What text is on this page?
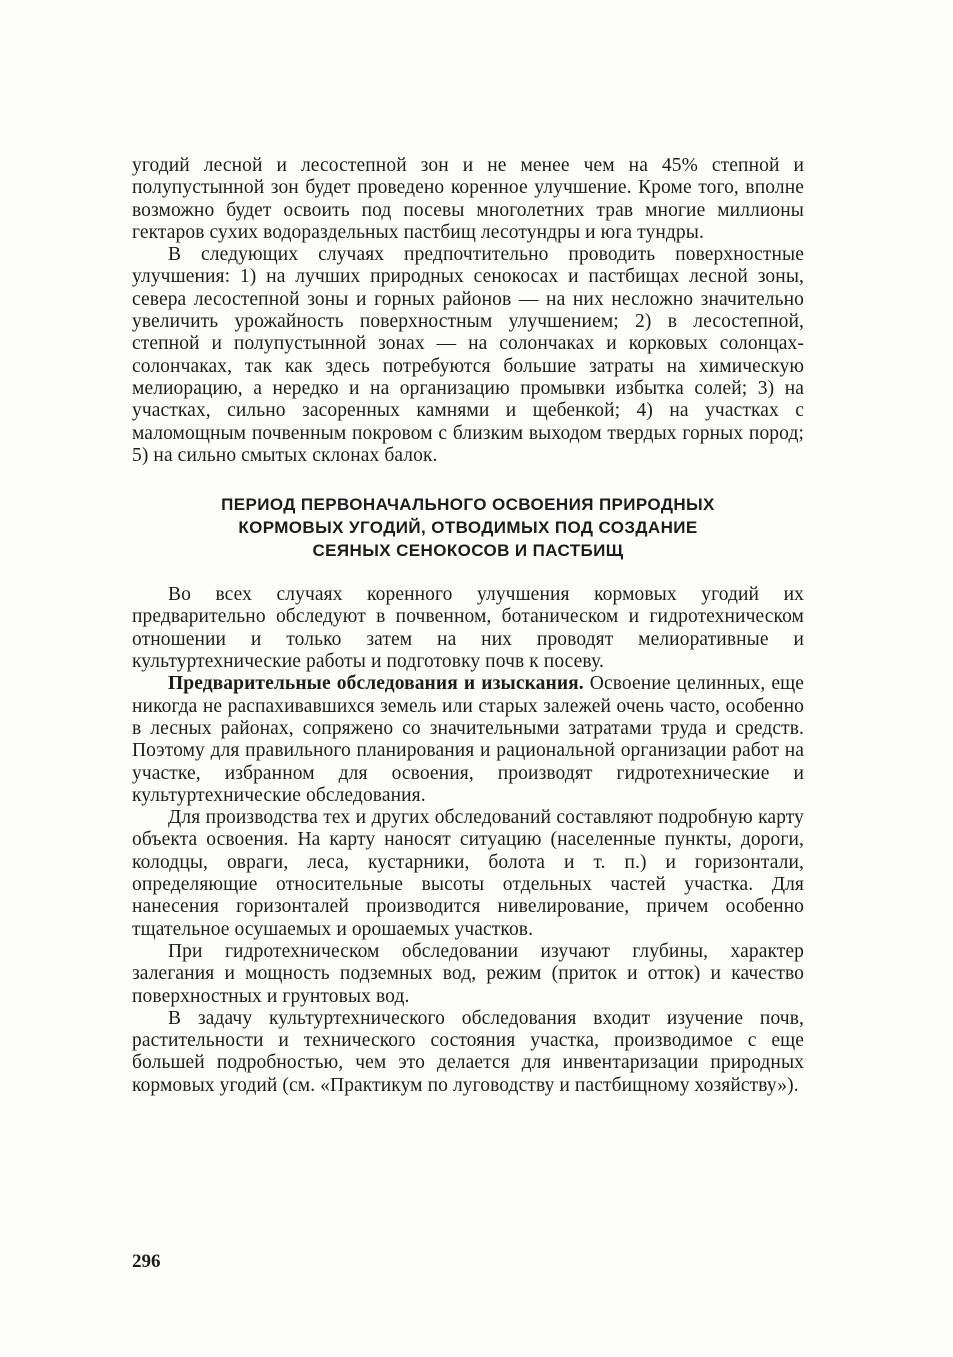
угодий лесной и лесостепной зон и не менее чем на 45% степной и полупустынной зон будет проведено коренное улучшение. Кроме того, вполне возможно будет освоить под посевы многолетних трав многие миллионы гектаров сухих водораздельных пастбищ лесотундры и юга тундры.

В следующих случаях предпочтительно проводить поверхностные улучшения: 1) на лучших природных сенокосах и пастбищах лесной зоны, севера лесостепной зоны и горных районов — на них несложно значительно увеличить урожайность поверхностным улучшением; 2) в лесостепной, степной и полупустынной зонах — на солончаках и корковых солонцах-солончаках, так как здесь потребуются большие затраты на химическую мелиорацию, а нередко и на организацию промывки избытка солей; 3) на участках, сильно засоренных камнями и щебенкой; 4) на участках с маломощным почвенным покровом с близким выходом твердых горных пород; 5) на сильно смытых склонах балок.

ПЕРИОД ПЕРВОНАЧАЛЬНОГО ОСВОЕНИЯ ПРИРОДНЫХ
КОРМОВЫХ УГОДИЙ, ОТВОДИМЫХ ПОД СОЗДАНИЕ
СЕЯНЫХ СЕНОКОСОВ И ПАСТБИЩ

Во всех случаях коренного улучшения кормовых угодий их предварительно обследуют в почвенном, ботаническом и гидротехническом отношении и только затем на них проводят мелиоративные и культуртехнические работы и подготовку почв к посеву.

Предварительные обследования и изыскания. Освоение целинных, еще никогда не распахивавшихся земель или старых залежей очень часто, особенно в лесных районах, сопряжено со значительными затратами труда и средств. Поэтому для правильного планирования и рациональной организации работ на участке, избранном для освоения, производят гидротехнические и культуртехнические обследования.

Для производства тех и других обследований составляют подробную карту объекта освоения. На карту наносят ситуацию (населенные пункты, дороги, колодцы, овраги, леса, кустарники, болота и т. п.) и горизонтали, определяющие относительные высоты отдельных частей участка. Для нанесения горизонталей производится нивелирование, причем особенно тщательное осушаемых и орошаемых участков.

При гидротехническом обследовании изучают глубины, характер залегания и мощность подземных вод, режим (приток и отток) и качество поверхностных и грунтовых вод.

В задачу культуртехнического обследования входит изучение почв, растительности и технического состояния участка, производимое с еще большей подробностью, чем это делается для инвентаризации природных кормовых угодий (см. «Практикум по луговодству и пастбищному хозяйству»).

296
